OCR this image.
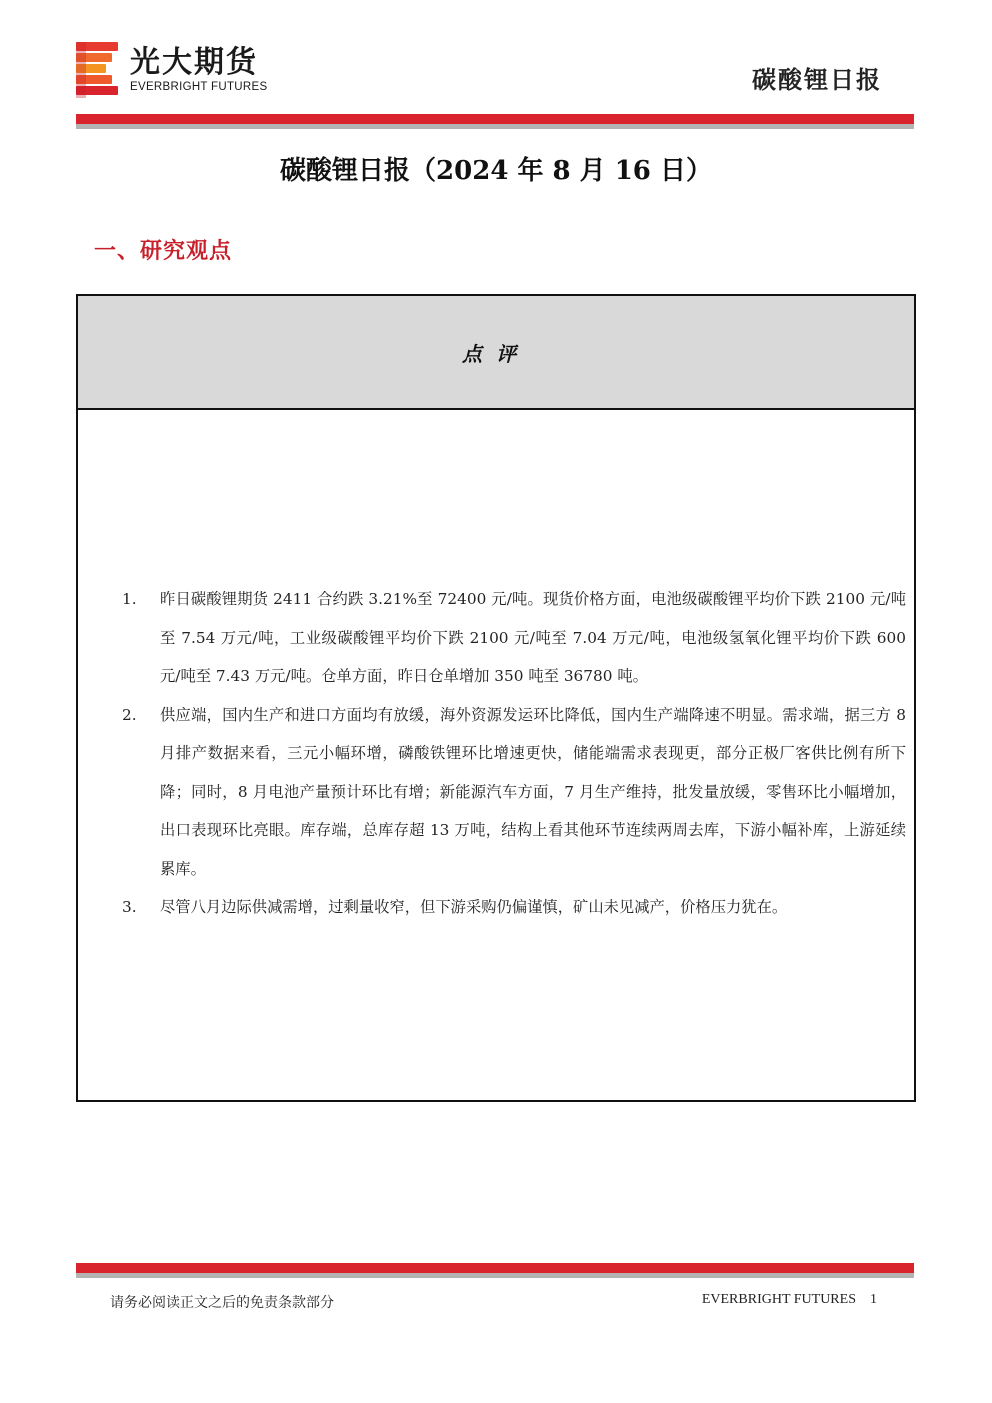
光大期货
EVERBRIGHT FUTURES	碳酸锂日报
碳酸锂日报（2024 年 8 月 16 日）
一、研究观点
点评
1.	昨日碳酸锂期货 2411 合约跌 3.21%至 72400 元/吨。现货价格方面，电池级碳酸锂平均价下跌 2100 元/吨至 7.54 万元/吨，工业级碳酸锂平均价下跌 2100 元/吨至 7.04 万元/吨，电池级氢氧化锂平均价下跌 600 元/吨至 7.43 万元/吨。仓单方面，昨日仓单增加 350 吨至 36780 吨。
2.	供应端，国内生产和进口方面均有放缓，海外资源发运环比降低，国内生产端降速不明显。需求端，据三方 8 月排产数据来看，三元小幅环增，磷酸铁锂环比增速更快，储能端需求表现更，部分正极厂客供比例有所下降；同时，8 月电池产量预计环比有增；新能源汽车方面，7 月生产维持，批发量放缓，零售环比小幅增加，出口表现环比亮眼。库存端，总库存超 13 万吨，结构上看其他环节连续两周去库，下游小幅补库，上游延续累库。
3.	尽管八月边际供减需增，过剩量收窄，但下游采购仍偏谨慎，矿山未见减产，价格压力犹在。
请务必阅读正文之后的免责条款部分	EVERBRIGHT FUTURES 1
